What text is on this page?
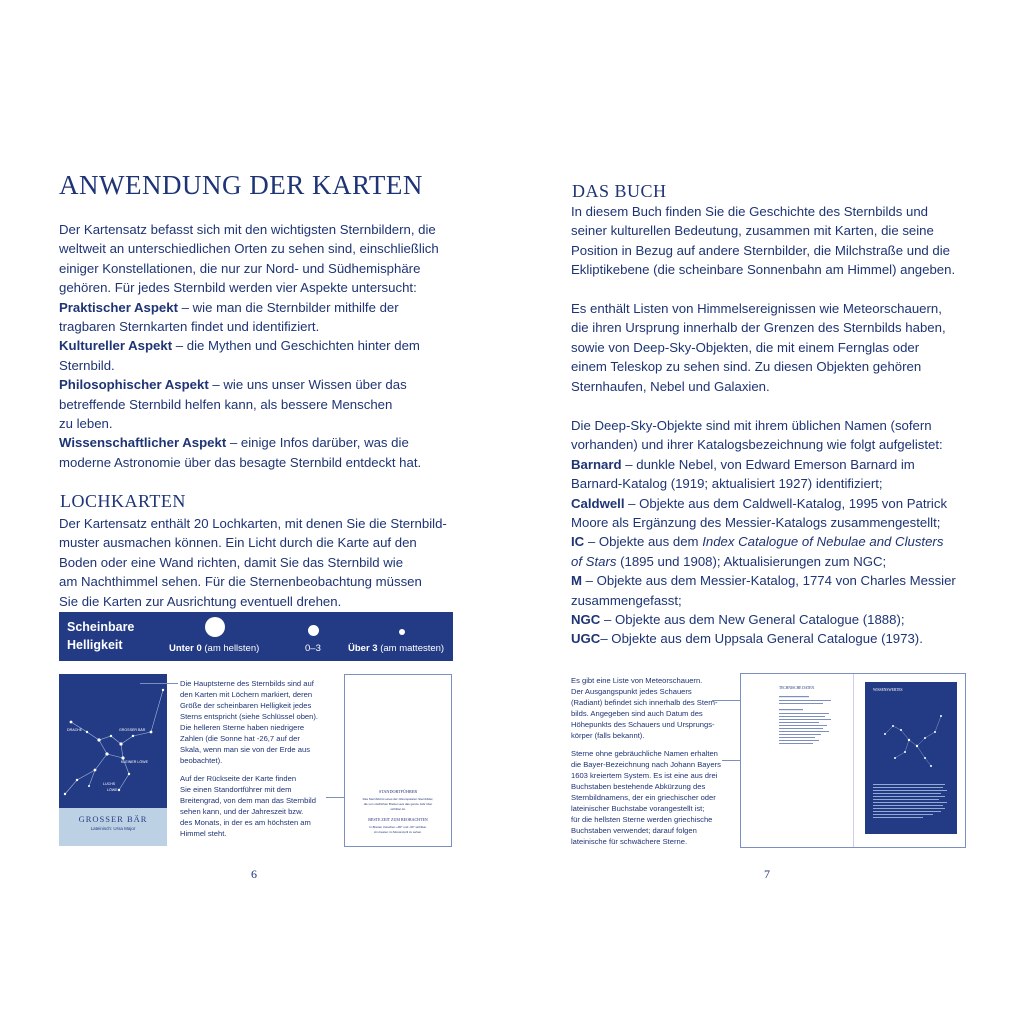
ANWENDUNG DER KARTEN

Der Kartensatz befasst sich mit den wichtigsten Sternbildern, die
weltweit an unterschiedlichen Orten zu sehen sind, einschließlich
einiger Konstellationen, die nur zur Nord- und Südhemisphäre
gehören. Für jedes Sternbild werden vier Aspekte untersucht:
Praktischer Aspekt – wie man die Sternbilder mithilfe der
tragbaren Sternkarten findet und identifiziert.
Kultureller Aspekt – die Mythen und Geschichten hinter dem
Sternbild.
Philosophischer Aspekt – wie uns unser Wissen über das
betreffende Sternbild helfen kann, als bessere Menschen
zu leben.
Wissenschaftlicher Aspekt – einige Infos darüber, was die
moderne Astronomie über das besagte Sternbild entdeckt hat.

LOCHKARTEN

Der Kartensatz enthält 20 Lochkarten, mit denen Sie die Sternbild-
muster ausmachen können. Ein Licht durch die Karte auf den
Boden oder eine Wand richten, damit Sie das Sternbild wie
am Nachthimmel sehen. Für die Sternenbeobachtung müssen
Sie die Karten zur Ausrichtung eventuell drehen.

Scheinbare
Helligkeit	Unter 0 (am hellsten)	0–3	Über 3 (am mattesten)
DRACHE	GROSSER BÄR
KLEINER LÖWE
LUCHS
LÖWE
GROSSER BÄR
Lateinisch: Ursa Major
Die Hauptsterne des Sternbilds sind auf
den Karten mit Löchern markiert, deren
Größe der scheinbaren Helligkeit jedes
Sterns entspricht (siehe Schlüssel oben).
Die helleren Sterne haben niedrigere
Zahlen (die Sonne hat -26,7 auf der
Skala, wenn man sie von der Erde aus
beobachtet).
Auf der Rückseite der Karte finden
Sie einen Standortführer mit dem
Breitengrad, von dem man das Sternbild
sehen kann, und der Jahreszeit bzw.
des Monats, in der es am höchsten am
Himmel steht.
STANDORTFÜHRER
Das Sternbild ist eines der zirkumpolaren Sternbilder,
die von nördlichen Breiten aus das ganze Jahr über
sichtbar ist.
BESTE ZEIT ZUM BEOBACHTEN
In Breiten zwischen +90° und -30° sichtbar.
Am besten im Monat April zu sehen.
6
DAS BUCH

In diesem Buch finden Sie die Geschichte des Sternbilds und
seiner kulturellen Bedeutung, zusammen mit Karten, die seine
Position in Bezug auf andere Sternbilder, die Milchstraße und die
Ekliptikebene (die scheinbare Sonnenbahn am Himmel) angeben.

Es enthält Listen von Himmelsereignissen wie Meteorschauern,
die ihren Ursprung innerhalb der Grenzen des Sternbilds haben,
sowie von Deep-Sky-Objekten, die mit einem Fernglas oder
einem Teleskop zu sehen sind. Zu diesen Objekten gehören
Sternhaufen, Nebel und Galaxien.

Die Deep-Sky-Objekte sind mit ihrem üblichen Namen (sofern
vorhanden) und ihrer Katalogsbezeichnung wie folgt aufgelistet:
Barnard – dunkle Nebel, von Edward Emerson Barnard im
Barnard-Katalog (1919; aktualisiert 1927) identifiziert;
Caldwell – Objekte aus dem Caldwell-Katalog, 1995 von Patrick
Moore als Ergänzung des Messier-Katalogs zusammengestellt;
IC – Objekte aus dem Index Catalogue of Nebulae and Clusters
of Stars (1895 und 1908); Aktualisierungen zum NGC;
M – Objekte aus dem Messier-Katalog, 1774 von Charles Messier
zusammengefasst;
NGC – Objekte aus dem New General Catalogue (1888);
UGC– Objekte aus dem Uppsala General Catalogue (1973).

Es gibt eine Liste von Meteorschauern.
Der Ausgangspunkt jedes Schauers
(Radiant) befindet sich innerhalb des Stern-
bilds. Angegeben sind auch Datum des
Höhepunkts des Schauers und Ursprungs-
körper (falls bekannt).
Sterne ohne gebräuchliche Namen erhalten
die Bayer-Bezeichnung nach Johann Bayers
1603 kreiertem System. Es ist eine aus drei
Buchstaben bestehende Abkürzung des
Sternbildnamens, der ein griechischer oder
lateinischer Buchstabe vorangestellt ist;
für die hellsten Sterne werden griechische
Buchstaben verwendet; darauf folgen
lateinische für schwächere Sterne.
TECHNISCHE DATEN	WISSENSWERTES
7
